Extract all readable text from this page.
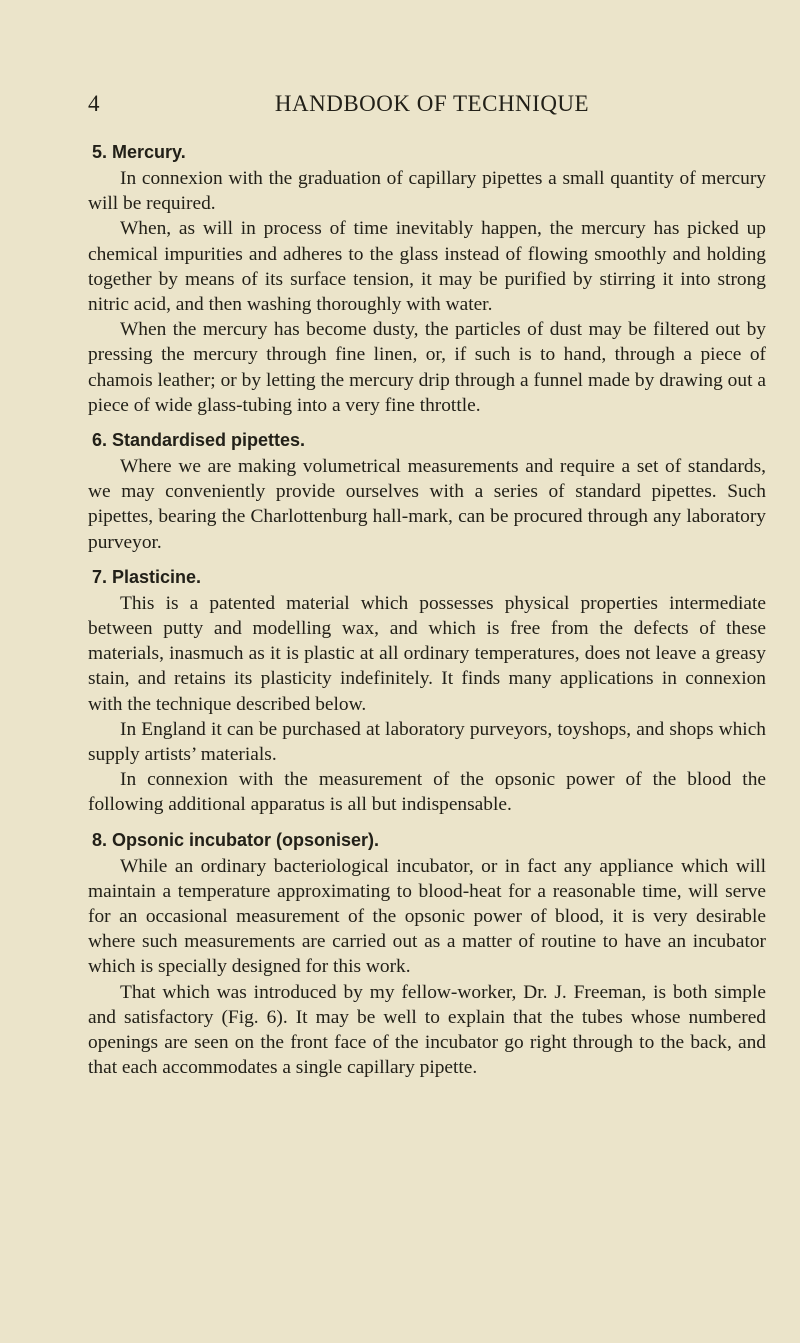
4	HANDBOOK OF TECHNIQUE
5. Mercury.

In connexion with the graduation of capillary pipettes a small quantity of mercury will be required.

When, as will in process of time inevitably happen, the mercury has picked up chemical impurities and adheres to the glass instead of flowing smoothly and holding together by means of its surface tension, it may be purified by stirring it into strong nitric acid, and then washing thoroughly with water.

When the mercury has become dusty, the particles of dust may be filtered out by pressing the mercury through fine linen, or, if such is to hand, through a piece of chamois leather; or by letting the mercury drip through a funnel made by drawing out a piece of wide glass-tubing into a very fine throttle.

6. Standardised pipettes.

Where we are making volumetrical measurements and require a set of standards, we may conveniently provide ourselves with a series of standard pipettes. Such pipettes, bearing the Charlottenburg hall-mark, can be procured through any laboratory purveyor.

7. Plasticine.

This is a patented material which possesses physical properties intermediate between putty and modelling wax, and which is free from the defects of these materials, inasmuch as it is plastic at all ordinary temperatures, does not leave a greasy stain, and retains its plasticity indefinitely. It finds many applications in connexion with the technique described below.

In England it can be purchased at laboratory purveyors, toyshops, and shops which supply artists’ materials.

In connexion with the measurement of the opsonic power of the blood the following additional apparatus is all but indispensable.

8. Opsonic incubator (opsoniser).

While an ordinary bacteriological incubator, or in fact any appliance which will maintain a temperature approximating to blood-heat for a reasonable time, will serve for an occasional measurement of the opsonic power of blood, it is very desirable where such measurements are carried out as a matter of routine to have an incubator which is specially designed for this work.

That which was introduced by my fellow-worker, Dr. J. Freeman, is both simple and satisfactory (Fig. 6). It may be well to explain that the tubes whose numbered openings are seen on the front face of the incubator go right through to the back, and that each accommodates a single capillary pipette.
